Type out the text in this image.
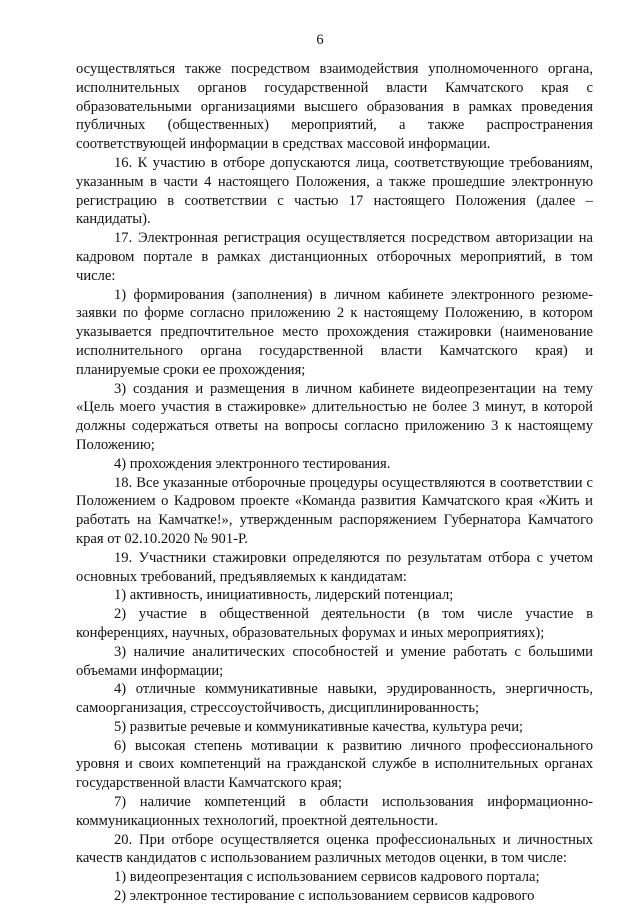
6

осуществляться также посредством взаимодействия уполномоченного органа, исполнительных органов государственной власти Камчатского края с образовательными организациями высшего образования в рамках проведения публичных (общественных) мероприятий, а также распространения соответствующей информации в средствах массовой информации.

16. К участию в отборе допускаются лица, соответствующие требованиям, указанным в части 4 настоящего Положения, а также прошедшие электронную регистрацию в соответствии с частью 17 настоящего Положения (далее – кандидаты).

17. Электронная регистрация осуществляется посредством авторизации на кадровом портале в рамках дистанционных отборочных мероприятий, в том числе:

1) формирования (заполнения) в личном кабинете электронного резюме-заявки по форме согласно приложению 2 к настоящему Положению, в котором указывается предпочтительное место прохождения стажировки (наименование исполнительного органа государственной власти Камчатского края) и планируемые сроки ее прохождения;

3) создания и размещения в личном кабинете видеопрезентации на тему «Цель моего участия в стажировке» длительностью не более 3 минут, в которой должны содержаться ответы на вопросы согласно приложению 3 к настоящему Положению;

4) прохождения электронного тестирования.

18. Все указанные отборочные процедуры осуществляются в соответствии с Положением о Кадровом проекте «Команда развития Камчатского края «Жить и работать на Камчатке!», утвержденным распоряжением Губернатора Камчатого края от 02.10.2020 № 901-Р.

19. Участники стажировки определяются по результатам отбора с учетом основных требований, предъявляемых к кандидатам:

1) активность, инициативность, лидерский потенциал;

2) участие в общественной деятельности (в том числе участие в конференциях, научных, образовательных форумах и иных мероприятиях);

3) наличие аналитических способностей и умение работать с большими объемами информации;

4) отличные коммуникативные навыки, эрудированность, энергичность, самоорганизация, стрессоустойчивость, дисциплинированность;

5) развитые речевые и коммуникативные качества, культура речи;

6) высокая степень мотивации к развитию личного профессионального уровня и своих компетенций на гражданской службе в исполнительных органах государственной власти Камчатского края;

7) наличие компетенций в области использования информационно-коммуникационных технологий, проектной деятельности.

20. При отборе осуществляется оценка профессиональных и личностных качеств кандидатов с использованием различных методов оценки, в том числе:

1) видеопрезентация с использованием сервисов кадрового портала;

2) электронное тестирование с использованием сервисов кадрового
